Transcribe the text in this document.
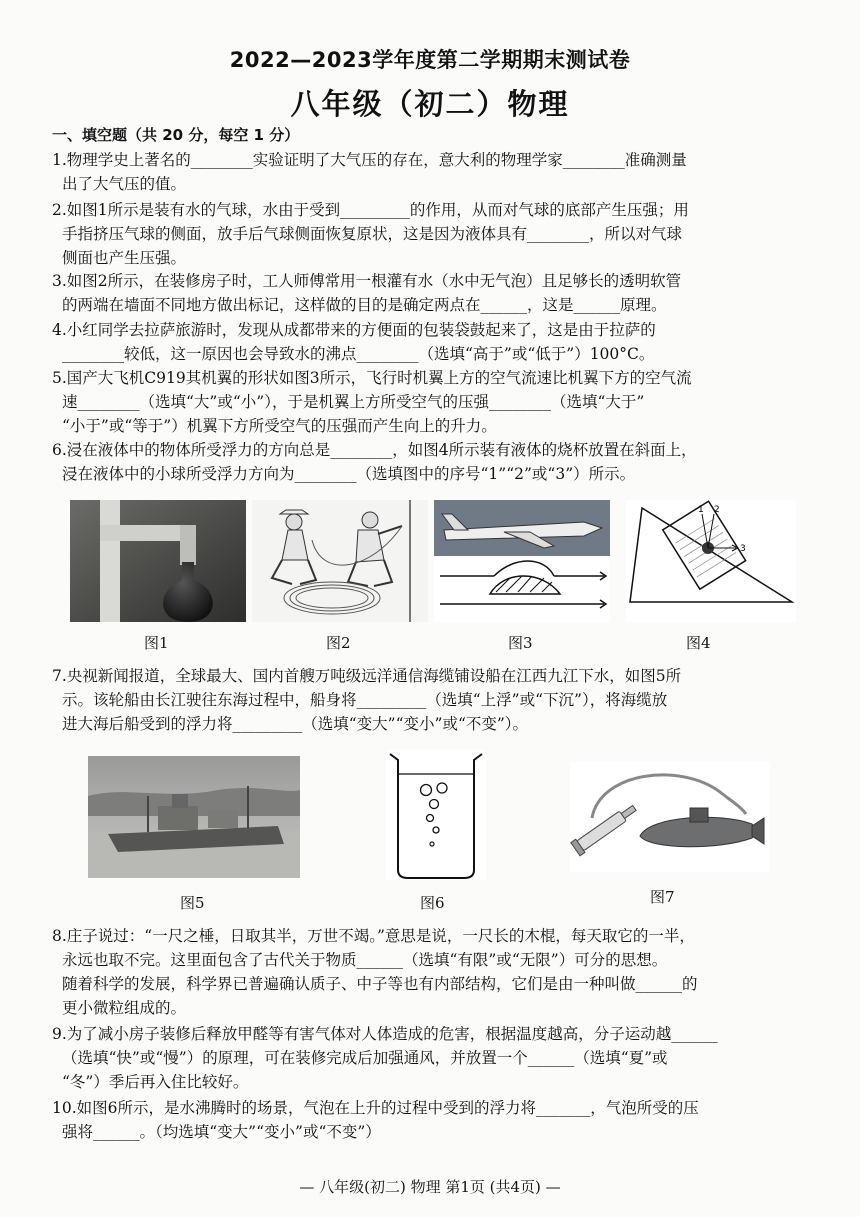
2022—2023学年度第二学期期末测试卷
八年级（初二）物理
一、填空题（共 20 分，每空 1 分）
1.物理学史上著名的________实验证明了大气压的存在，意大利的物理学家________准确测量
出了大气压的值。
2.如图1所示是装有水的气球，水由于受到_________的作用，从而对气球的底部产生压强；用
手指挤压气球的侧面，放手后气球侧面恢复原状，这是因为液体具有________，所以对气球
侧面也产生压强。
3.如图2所示，在装修房子时，工人师傅常用一根灌有水（水中无气泡）且足够长的透明软管
的两端在墙面不同地方做出标记，这样做的目的是确定两点在______，这是______原理。
4.小红同学去拉萨旅游时，发现从成都带来的方便面的包装袋鼓起来了，这是由于拉萨的
________较低，这一原因也会导致水的沸点________（选填“高于”或“低于”）100°C。
5.国产大飞机C919其机翼的形状如图3所示，飞行时机翼上方的空气流速比机翼下方的空气流
速________（选填“大”或“小”），于是机翼上方所受空气的压强________（选填“大于”
“小于”或“等于”）机翼下方所受空气的压强而产生向上的升力。
6.浸在液体中的物体所受浮力的方向总是________，如图4所示装有液体的烧杯放置在斜面上，
浸在液体中的小球所受浮力方向为________（选填图中的序号“1”“2”或“3”）所示。
图1	图2	图3
1 2
3
图4
7.央视新闻报道，全球最大、国内首艘万吨级远洋通信海缆铺设船在江西九江下水，如图5所
示。该轮船由长江驶往东海过程中，船身将_________（选填“上浮”或“下沉”），将海缆放
进大海后船受到的浮力将_________（选填“变大”“变小”或“不变”）。
图5	图6	图7
8.庄子说过：“一尺之棰，日取其半，万世不竭。”意思是说，一尺长的木棍，每天取它的一半，
永远也取不完。这里面包含了古代关于物质______（选填“有限”或“无限”）可分的思想。
随着科学的发展，科学界已普遍确认质子、中子等也有内部结构，它们是由一种叫做______的
更小微粒组成的。
9.为了减小房子装修后释放甲醛等有害气体对人体造成的危害，根据温度越高，分子运动越______
（选填“快”或“慢”）的原理，可在装修完成后加强通风，并放置一个______（选填“夏”或
“冬”）季后再入住比较好。
10.如图6所示，是水沸腾时的场景，气泡在上升的过程中受到的浮力将_______，气泡所受的压
强将______。（均选填“变大”“变小”或“不变”）
— 八年级(初二) 物理 第1页 (共4页) —
